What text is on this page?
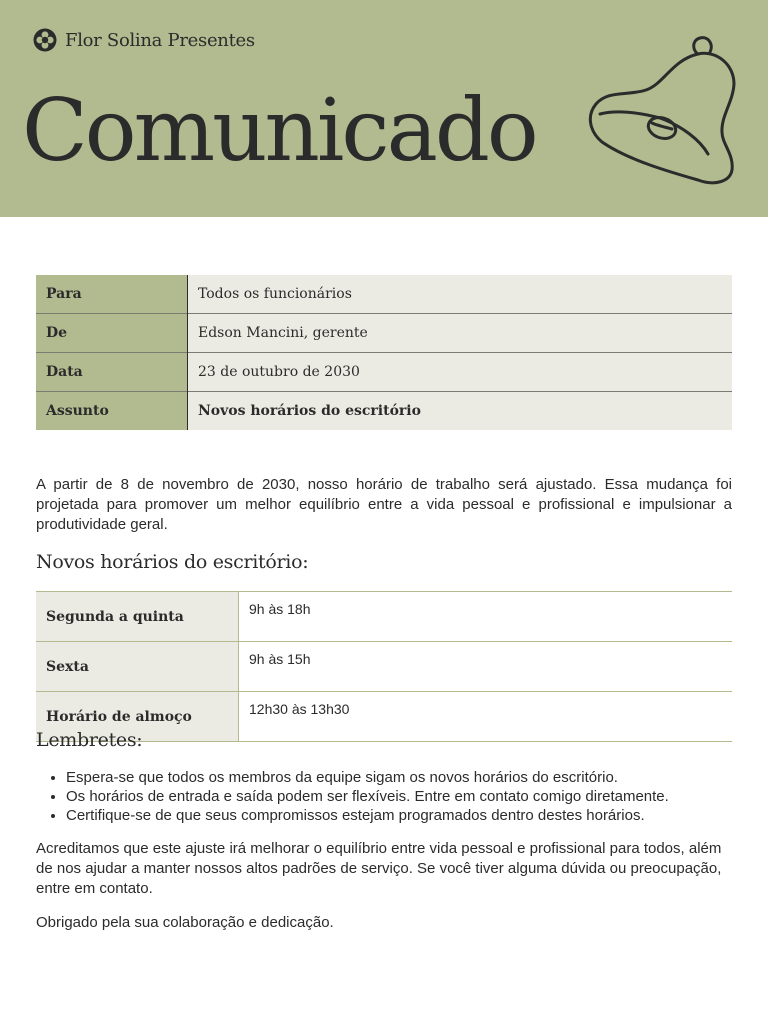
Flor Solina Presentes
Comunicado
Para	Todos os funcionários
De	Edson Mancini, gerente
Data	23 de outubro de 2030
Assunto	Novos horários do escritório

A partir de 8 de novembro de 2030, nosso horário de trabalho será ajustado. Essa mudança foi projetada para promover um melhor equilíbrio entre a vida pessoal e profissional e impulsionar a produtividade geral.

Novos horários do escritório:
Segunda a quinta	9h às 18h
Sexta	9h às 15h
Horário de almoço	12h30 às 13h30
Lembretes:
• Espera-se que todos os membros da equipe sigam os novos horários do escritório.
• Os horários de entrada e saída podem ser flexíveis. Entre em contato comigo diretamente.
• Certifique-se de que seus compromissos estejam programados dentro destes horários.

Acreditamos que este ajuste irá melhorar o equilíbrio entre vida pessoal e profissional para todos, além de nos ajudar a manter nossos altos padrões de serviço. Se você tiver alguma dúvida ou preocupação, entre em contato.

Obrigado pela sua colaboração e dedicação.
